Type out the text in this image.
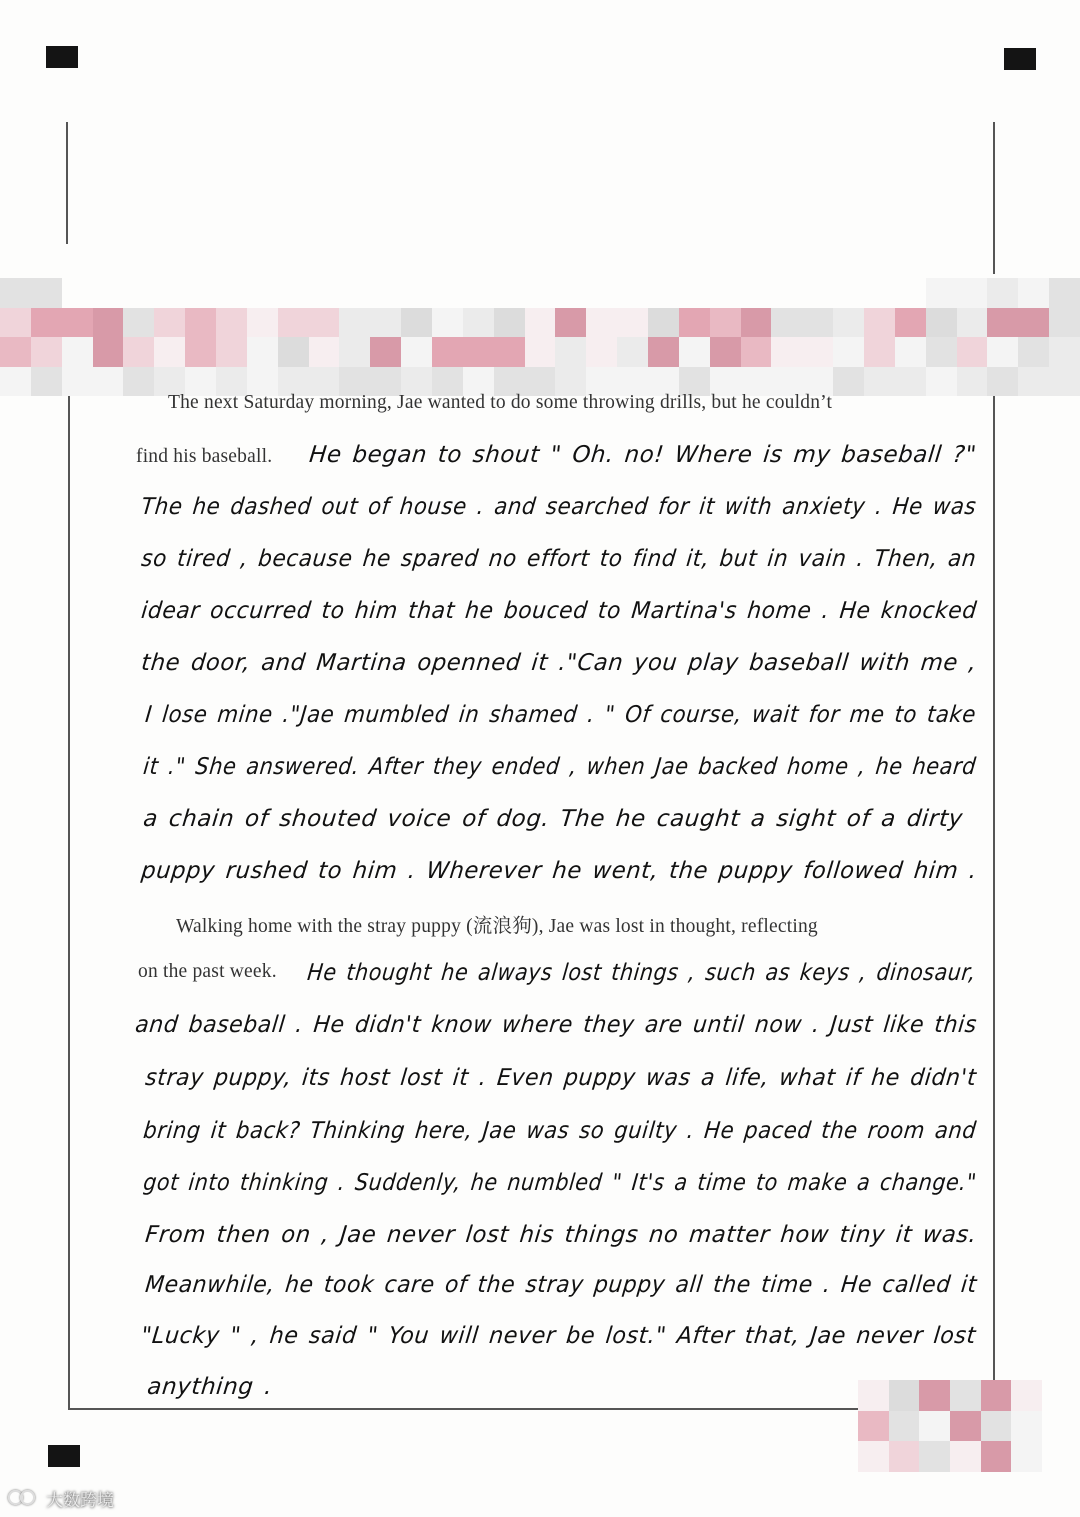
The next Saturday morning, Jae wanted to do some throwing drills, but he couldn’t
find his baseball. He began to shout " Oh. no! Where is my baseball ?"
The he dashed out of house . and searched for it with anxiety . He was
so tired , because he spared no effort to find it, but in vain . Then, an
idear occurred to him that he bouced to Martina's home . He knocked
the door, and Martina openned it ."Can you play baseball with me ,
I lose mine ."Jae mumbled in shamed . " Of course, wait for me to take
it ." She answered. After they ended , when Jae backed home , he heard
a chain of shouted voice of dog. The he caught a sight of a dirty
puppy rushed to him . Wherever he went, the puppy followed him .
Walking home with the stray puppy (流浪狗), Jae was lost in thought, reflecting
on the past week. He thought he always lost things , such as keys , dinosaur,
and baseball . He didn't know where they are until now . Just like this
stray puppy, its host lost it . Even puppy was a life, what if he didn't
bring it back? Thinking here, Jae was so guilty . He paced the room and
got into thinking . Suddenly, he numbled " It's a time to make a change."
From then on , Jae never lost his things no matter how tiny it was.
Meanwhile, he took care of the stray puppy all the time . He called it
"Lucky " , he said " You will never be lost." After that, Jae never lost
anything .
大数跨境
